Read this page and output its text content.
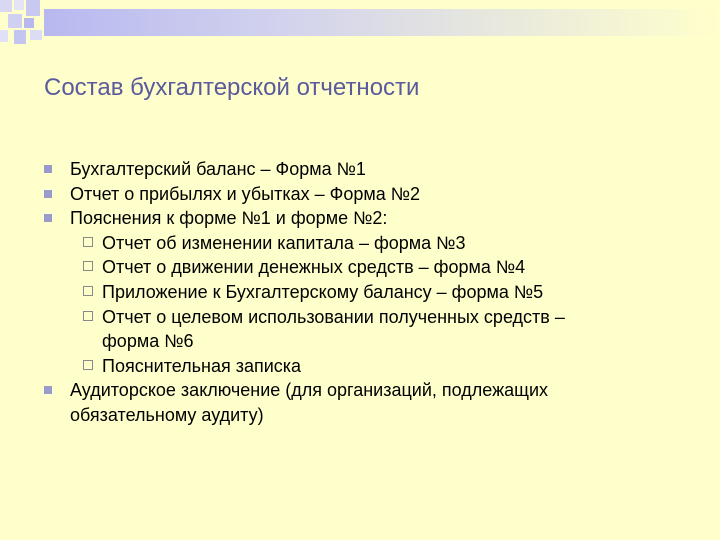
Состав бухгалтерской отчетности
Бухгалтерский баланс – Форма №1
Отчет о прибылях и убытках – Форма №2
Пояснения к форме №1 и форме №2:
Отчет об изменении капитала – форма №3
Отчет о движении денежных средств – форма №4
Приложение к Бухгалтерскому балансу – форма №5
Отчет о целевом использовании полученных средств – форма №6
Пояснительная записка
Аудиторское заключение (для организаций, подлежащих обязательному аудиту)
